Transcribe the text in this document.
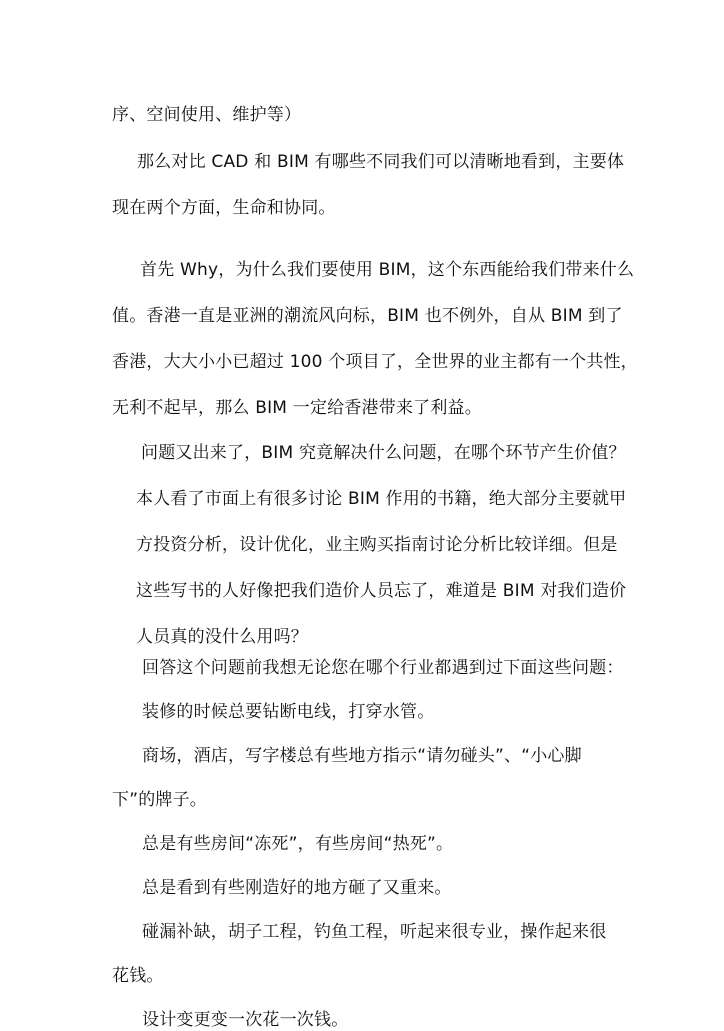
序、空间使用、维护等）
那么对比 CAD 和 BIM 有哪些不同我们可以清晰地看到，主要体
现在两个方面，生命和协同。
首先 Why，为什么我们要使用 BIM，这个东西能给我们带来什么
值。香港一直是亚洲的潮流风向标，BIM 也不例外，自从 BIM 到了
香港，大大小小已超过 100 个项目了，全世界的业主都有一个共性，
无利不起早，那么 BIM 一定给香港带来了利益。
问题又出来了，BIM 究竟解决什么问题，在哪个环节产生价值？
本人看了市面上有很多讨论 BIM 作用的书籍，绝大部分主要就甲
方投资分析，设计优化，业主购买指南讨论分析比较详细。但是
这些写书的人好像把我们造价人员忘了，难道是 BIM 对我们造价
人员真的没什么用吗？
回答这个问题前我想无论您在哪个行业都遇到过下面这些问题：
装修的时候总要钻断电线，打穿水管。
商场，酒店，写字楼总有些地方指示“请勿碰头”、“小心脚
下”的牌子。
总是有些房间“冻死”，有些房间“热死”。
总是看到有些刚造好的地方砸了又重来。
碰漏补缺，胡子工程，钓鱼工程，听起来很专业，操作起来很
花钱。
设计变更变一次花一次钱。
